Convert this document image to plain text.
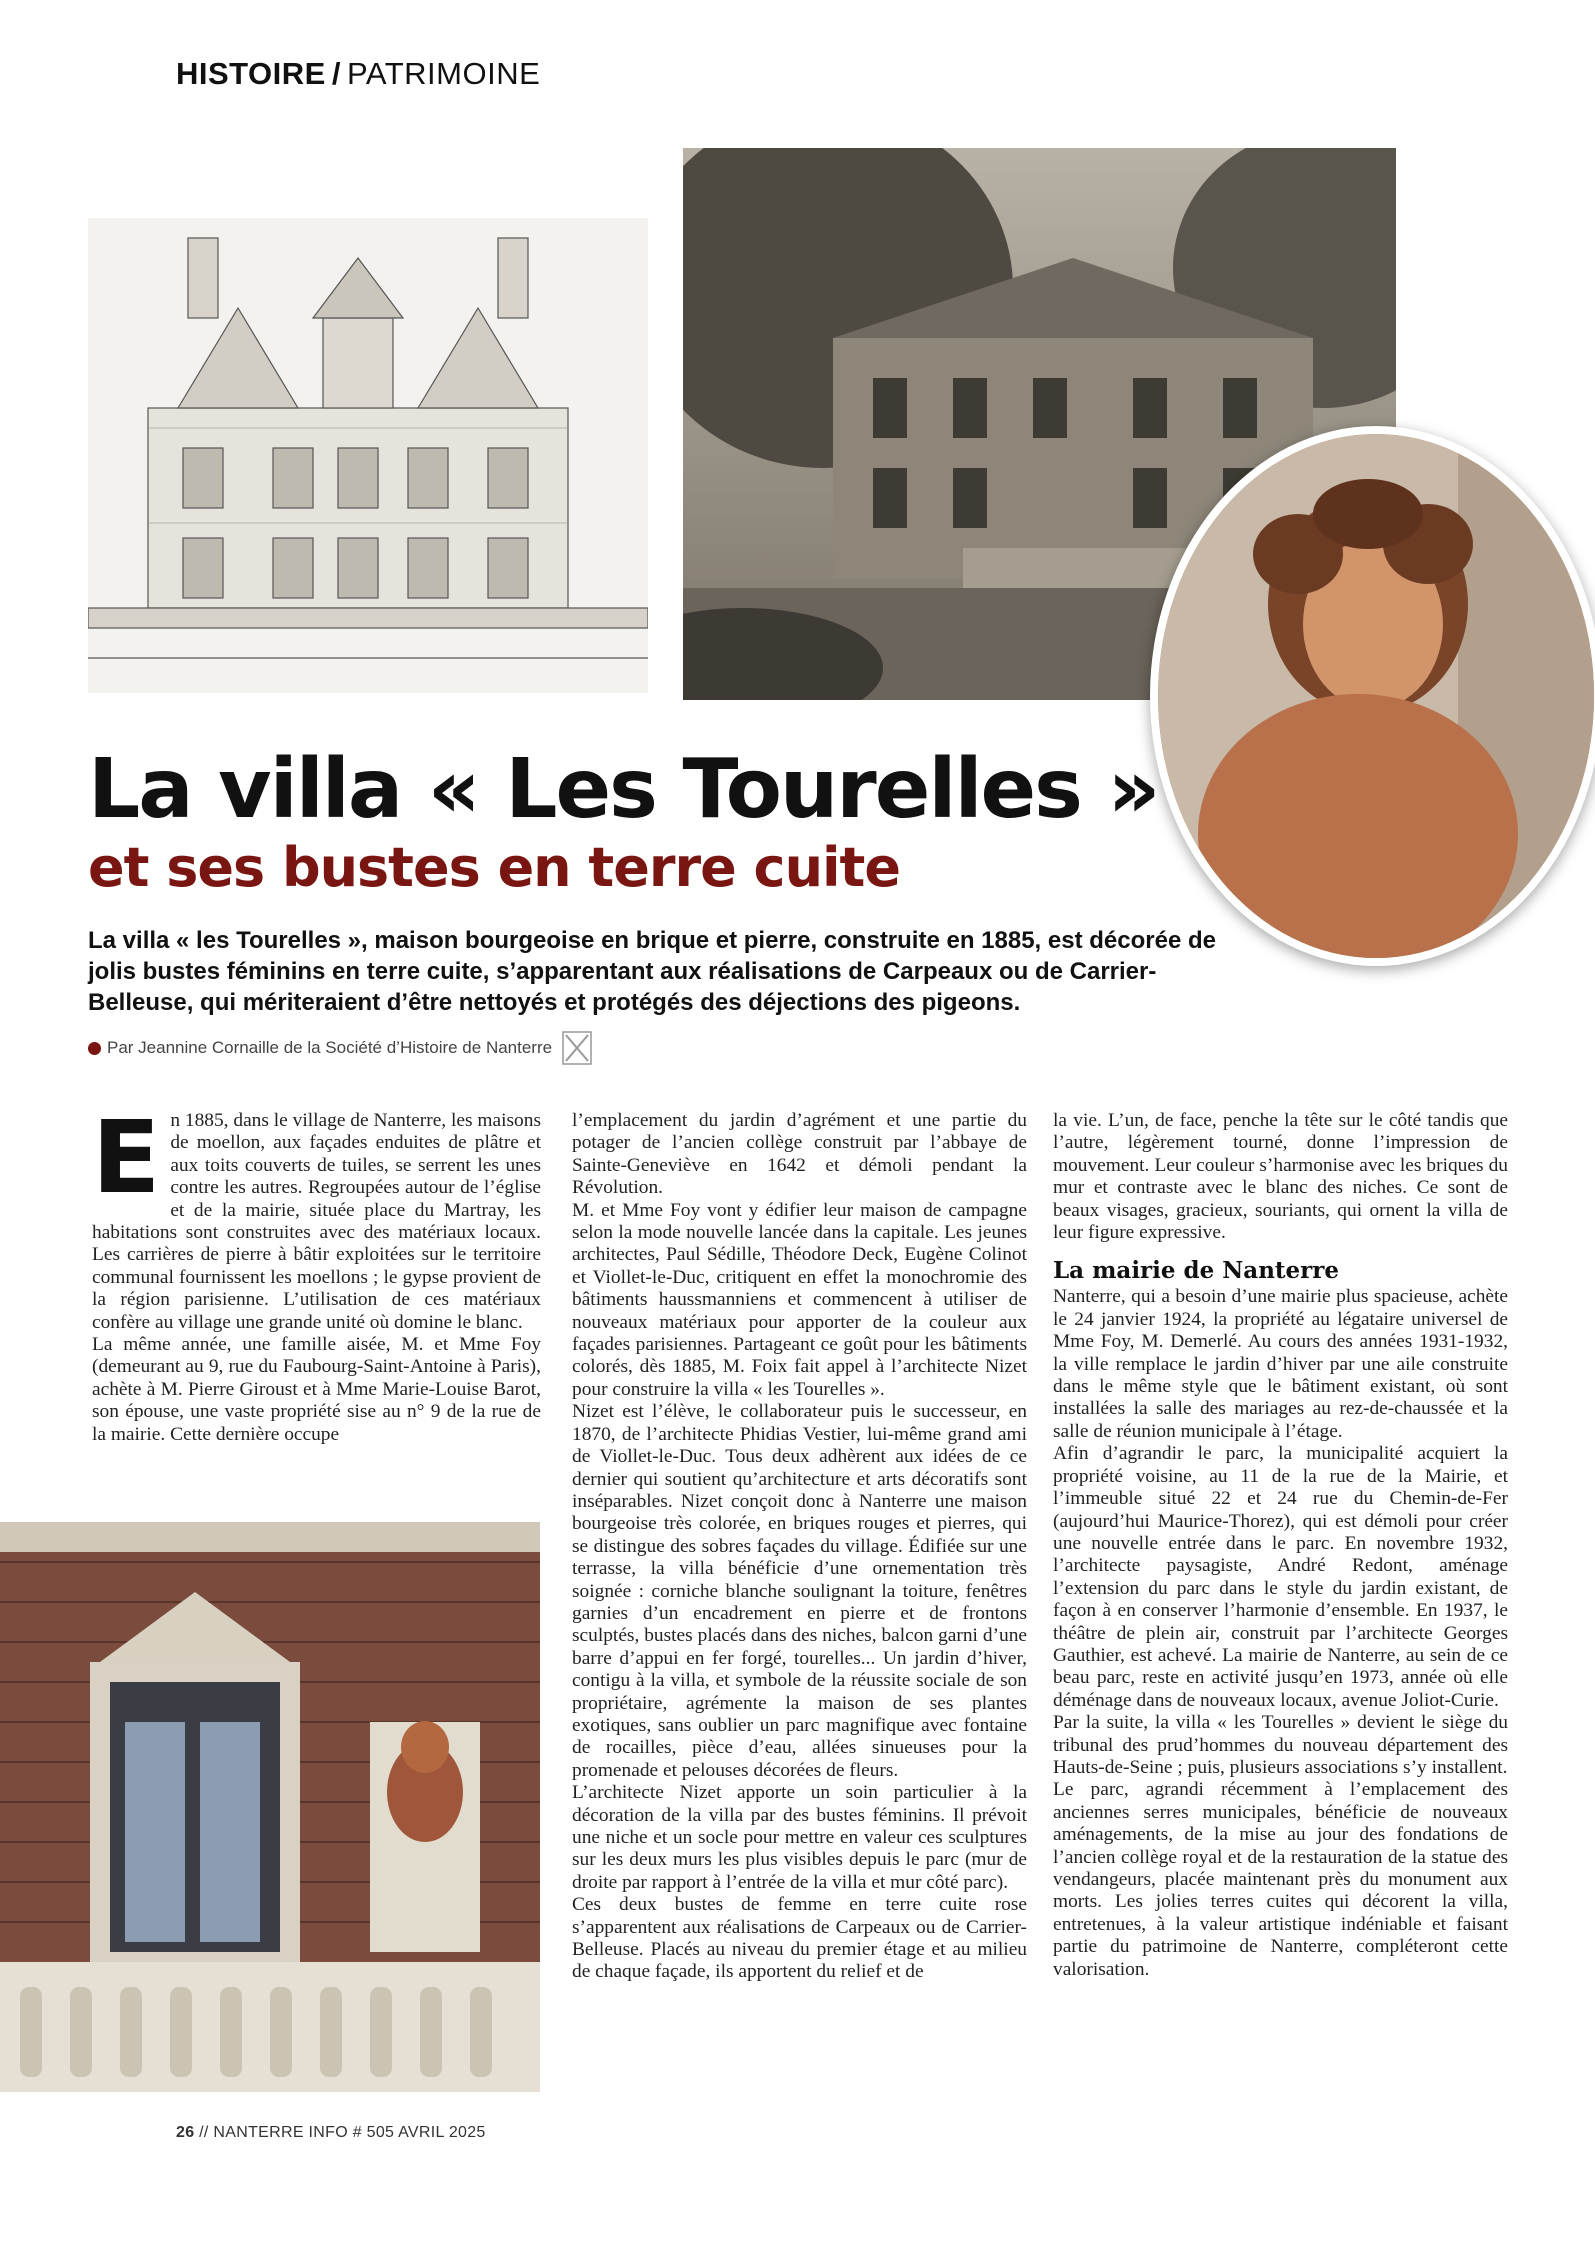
HISTOIRE / PATRIMOINE
La villa « Les Tourelles »
et ses bustes en terre cuite

La villa « les Tourelles », maison bourgeoise en brique et pierre, construite en 1885, est décorée de jolis bustes féminins en terre cuite, s’apparentant aux réalisations de Carpeaux ou de Carrier-Belleuse, qui mériteraient d’être nettoyés et protégés des déjections des pigeons.

Par Jeannine Cornaille de la Société d’Histoire de Nanterre

En 1885, dans le village de Nanterre, les maisons de moellon, aux façades enduites de plâtre et aux toits couverts de tuiles, se serrent les unes contre les autres. Regroupées autour de l’église et de la mairie, située place du Martray, les habitations sont construites avec des matériaux locaux. Les carrières de pierre à bâtir exploitées sur le territoire communal fournissent les moellons ; le gypse provient de la région parisienne. L’utilisation de ces matériaux confère au village une grande unité où domine le blanc.

La même année, une famille aisée, M. et Mme Foy (demeurant au 9, rue du Faubourg-Saint-Antoine à Paris), achète à M. Pierre Giroust et à Mme Marie-Louise Barot, son épouse, une vaste propriété sise au n° 9 de la rue de la mairie. Cette dernière occupe

l’emplacement du jardin d’agrément et une partie du potager de l’ancien collège construit par l’abbaye de Sainte-Geneviève en 1642 et démoli pendant la Révolution.

M. et Mme Foy vont y édifier leur maison de campagne selon la mode nouvelle lancée dans la capitale. Les jeunes architectes, Paul Sédille, Théodore Deck, Eugène Colinot et Viollet-le-Duc, critiquent en effet la monochromie des bâtiments haussmanniens et commencent à utiliser de nouveaux matériaux pour apporter de la couleur aux façades parisiennes. Partageant ce goût pour les bâtiments colorés, dès 1885, M. Foix fait appel à l’architecte Nizet pour construire la villa « les Tourelles ».

Nizet est l’élève, le collaborateur puis le successeur, en 1870, de l’architecte Phidias Vestier, lui-même grand ami de Viollet-le-Duc. Tous deux adhèrent aux idées de ce dernier qui soutient qu’architecture et arts décoratifs sont inséparables. Nizet conçoit donc à Nanterre une maison bourgeoise très colorée, en briques rouges et pierres, qui se distingue des sobres façades du village. Édifiée sur une terrasse, la villa bénéficie d’une ornementation très soignée : corniche blanche soulignant la toiture, fenêtres garnies d’un encadrement en pierre et de frontons sculptés, bustes placés dans des niches, balcon garni d’une barre d’appui en fer forgé, tourelles... Un jardin d’hiver, contigu à la villa, et symbole de la réussite sociale de son propriétaire, agrémente la maison de ses plantes exotiques, sans oublier un parc magnifique avec fontaine de rocailles, pièce d’eau, allées sinueuses pour la promenade et pelouses décorées de fleurs.

L’architecte Nizet apporte un soin particulier à la décoration de la villa par des bustes féminins. Il prévoit une niche et un socle pour mettre en valeur ces sculptures sur les deux murs les plus visibles depuis le parc (mur de droite par rapport à l’entrée de la villa et mur côté parc).

Ces deux bustes de femme en terre cuite rose s’apparentent aux réalisations de Carpeaux ou de Carrier-Belleuse. Placés au niveau du premier étage et au milieu de chaque façade, ils apportent du relief et de

la vie. L’un, de face, penche la tête sur le côté tandis que l’autre, légèrement tourné, donne l’impression de mouvement. Leur couleur s’harmonise avec les briques du mur et contraste avec le blanc des niches. Ce sont de beaux visages, gracieux, souriants, qui ornent la villa de leur figure expressive.

La mairie de Nanterre

Nanterre, qui a besoin d’une mairie plus spacieuse, achète le 24 janvier 1924, la propriété au légataire universel de Mme Foy, M. Demerlé. Au cours des années 1931-1932, la ville remplace le jardin d’hiver par une aile construite dans le même style que le bâtiment existant, où sont installées la salle des mariages au rez-de-chaussée et la salle de réunion municipale à l’étage.

Afin d’agrandir le parc, la municipalité acquiert la propriété voisine, au 11 de la rue de la Mairie, et l’immeuble situé 22 et 24 rue du Chemin-de-Fer (aujourd’hui Maurice-Thorez), qui est démoli pour créer une nouvelle entrée dans le parc. En novembre 1932, l’architecte paysagiste, André Redont, aménage l’extension du parc dans le style du jardin existant, de façon à en conserver l’harmonie d’ensemble. En 1937, le théâtre de plein air, construit par l’architecte Georges Gauthier, est achevé. La mairie de Nanterre, au sein de ce beau parc, reste en activité jusqu’en 1973, année où elle déménage dans de nouveaux locaux, avenue Joliot-Curie.

Par la suite, la villa « les Tourelles » devient le siège du tribunal des prud’hommes du nouveau département des Hauts-de-Seine ; puis, plusieurs associations s’y installent.

Le parc, agrandi récemment à l’emplacement des anciennes serres municipales, bénéficie de nouveaux aménagements, de la mise au jour des fondations de l’ancien collège royal et de la restauration de la statue des vendangeurs, placée maintenant près du monument aux morts. Les jolies terres cuites qui décorent la villa, entretenues, à la valeur artistique indéniable et faisant partie du patrimoine de Nanterre, compléteront cette valorisation.

26 // NANTERRE INFO # 505 AVRIL 2025
